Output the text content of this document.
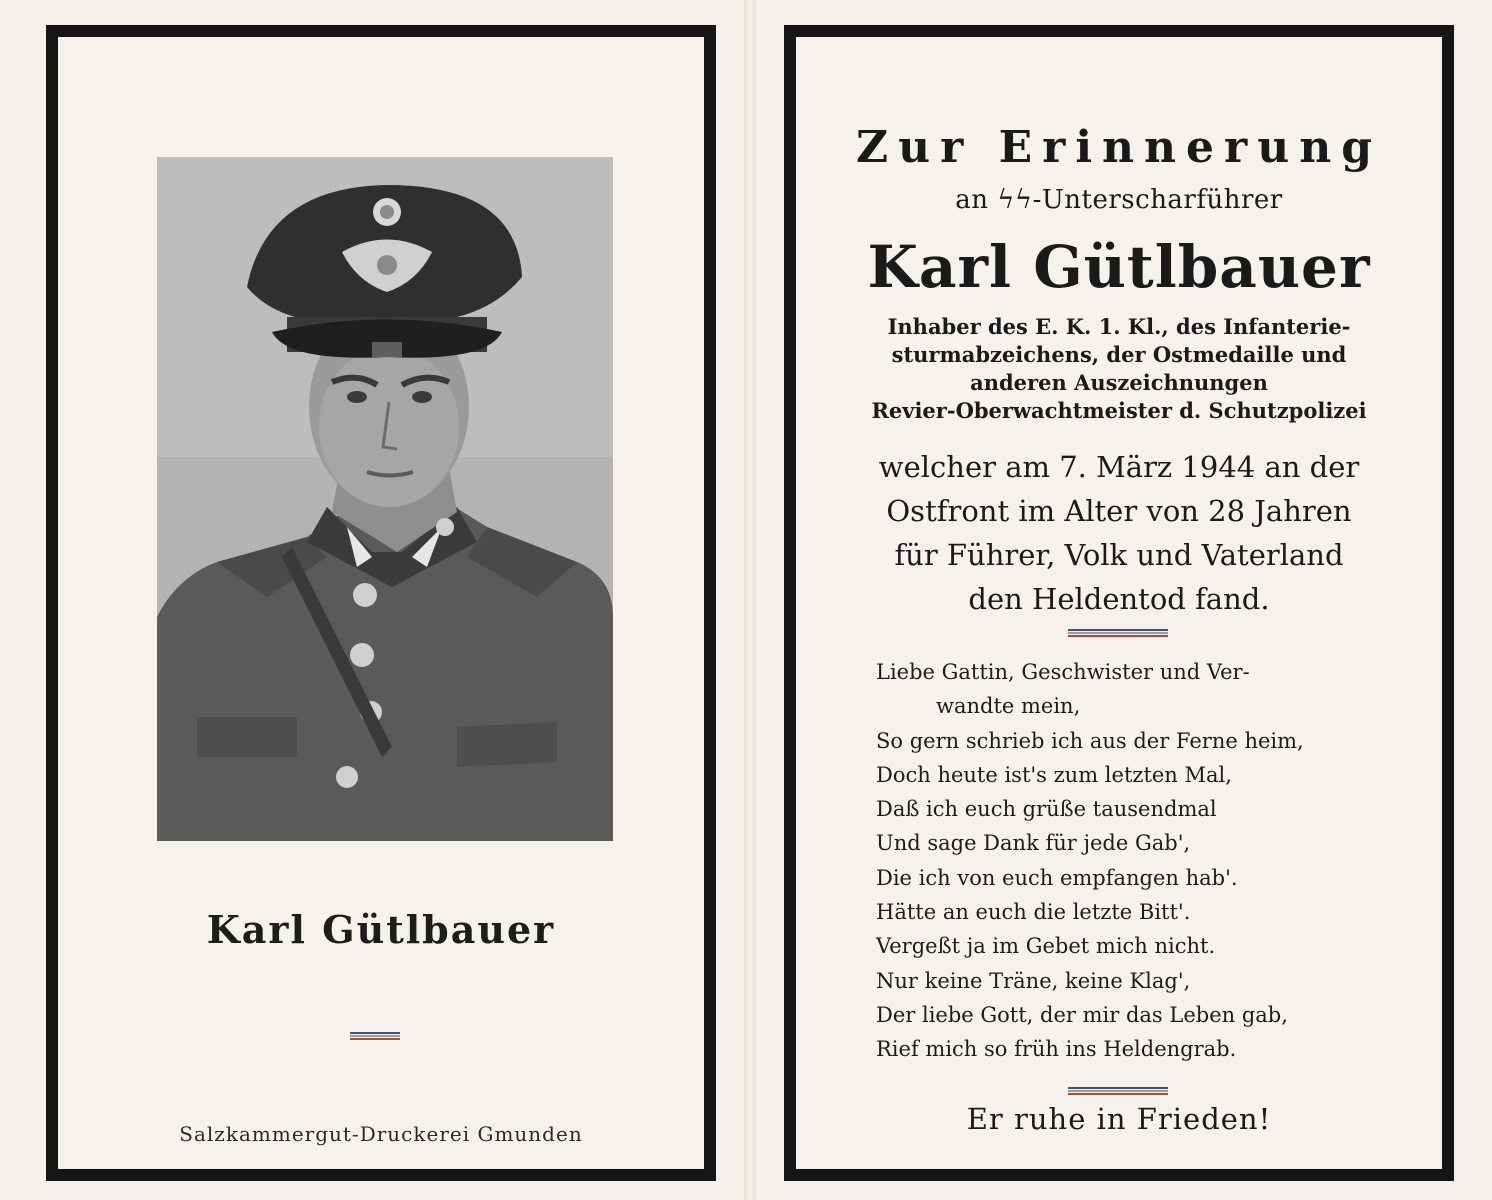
Karl Gütlbauer
Salzkammergut-Druckerei Gmunden
Zur Erinnerung
an ϟϟ-Unterscharführer
Karl Gütlbauer
Inhaber des E. K. 1. Kl., des Infanterie-
sturmabzeichens, der Ostmedaille und
anderen Auszeichnungen
Revier-Oberwachtmeister d. Schutzpolizei
welcher am 7. März 1944 an der
Ostfront im Alter von 28 Jahren
für Führer, Volk und Vaterland
den Heldentod fand.
Liebe Gattin, Geschwister und Ver-
wandte mein,
So gern schrieb ich aus der Ferne heim,
Doch heute ist's zum letzten Mal,
Daß ich euch grüße tausendmal
Und sage Dank für jede Gab',
Die ich von euch empfangen hab'.
Hätte an euch die letzte Bitt'.
Vergeßt ja im Gebet mich nicht.
Nur keine Träne, keine Klag',
Der liebe Gott, der mir das Leben gab,
Rief mich so früh ins Heldengrab.
Er ruhe in Frieden!
